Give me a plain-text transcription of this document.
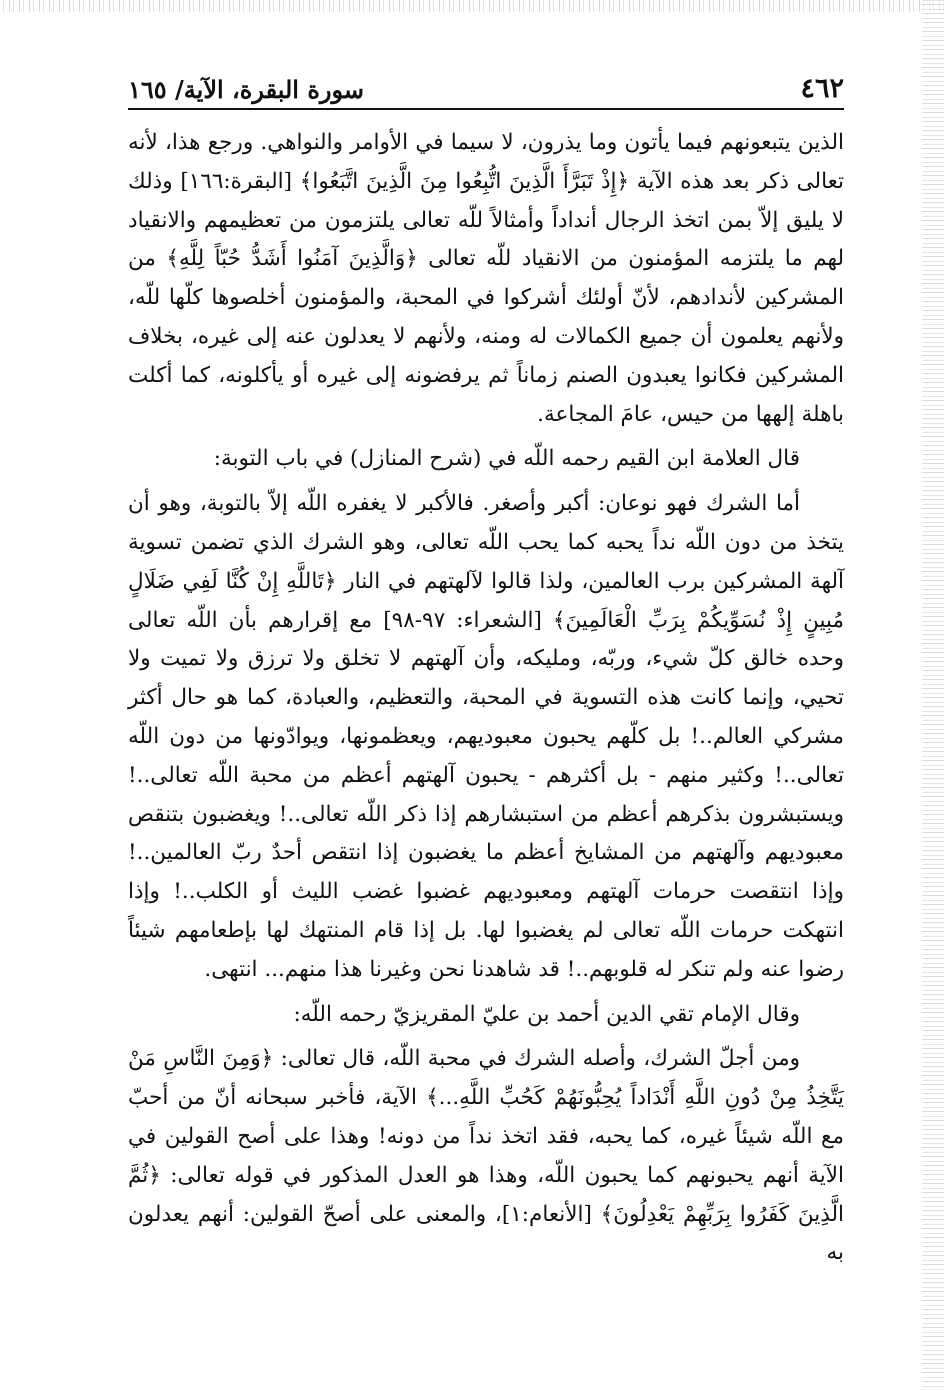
٤٦٢
سورة البقرة، الآية/ ١٦٥

الذين يتبعونهم فيما يأتون وما يذرون، لا سيما في الأوامر والنواهي. ورجع هذا، لأنه تعالى ذكر بعد هذه الآية ﴿إِذْ تَبَرَّأَ الَّذِينَ اتُّبِعُوا مِنَ الَّذِينَ اتَّبَعُوا﴾ [البقرة:١٦٦] وذلك لا يليق إلاّ بمن اتخذ الرجال أنداداً وأمثالاً للّه تعالى يلتزمون من تعظيمهم والانقياد لهم ما يلتزمه المؤمنون من الانقياد للّه تعالى ﴿وَالَّذِينَ آمَنُوا أَشَدُّ حُبّاً لِلَّهِ﴾ من المشركين لأندادهم، لأنّ أولئك أشركوا في المحبة، والمؤمنون أخلصوها كلّها للّه، ولأنهم يعلمون أن جميع الكمالات له ومنه، ولأنهم لا يعدلون عنه إلى غيره، بخلاف المشركين فكانوا يعبدون الصنم زماناً ثم يرفضونه إلى غيره أو يأكلونه، كما أكلت باهلة إلهها من حيس، عامَ المجاعة.

قال العلامة ابن القيم رحمه اللّه في (شرح المنازل) في باب التوبة:

أما الشرك فهو نوعان: أكبر وأصغر. فالأكبر لا يغفره اللّه إلاّ بالتوبة، وهو أن يتخذ من دون اللّه نداً يحبه كما يحب اللّه تعالى، وهو الشرك الذي تضمن تسوية آلهة المشركين برب العالمين، ولذا قالوا لآلهتهم في النار ﴿تَاللَّهِ إِنْ كُنَّا لَفِي ضَلَالٍ مُبِينٍ إِذْ نُسَوِّيكُمْ بِرَبِّ الْعَالَمِينَ﴾ [الشعراء: ٩٧-٩٨] مع إقرارهم بأن اللّه تعالى وحده خالق كلّ شيء، وربّه، ومليكه، وأن آلهتهم لا تخلق ولا ترزق ولا تميت ولا تحيي، وإنما كانت هذه التسوية في المحبة، والتعظيم، والعبادة، كما هو حال أكثر مشركي العالم..! بل كلّهم يحبون معبوديهم، ويعظمونها، ويوادّونها من دون اللّه تعالى..! وكثير منهم - بل أكثرهم - يحبون آلهتهم أعظم من محبة اللّه تعالى..! ويستبشرون بذكرهم أعظم من استبشارهم إذا ذكر اللّه تعالى..! ويغضبون بتنقص معبوديهم وآلهتهم من المشايخ أعظم ما يغضبون إذا انتقص أحدٌ ربّ العالمين..! وإذا انتقصت حرمات آلهتهم ومعبوديهم غضبوا غضب الليث أو الكلب..! وإذا انتهكت حرمات اللّه تعالى لم يغضبوا لها. بل إذا قام المنتهك لها بإطعامهم شيئاً رضوا عنه ولم تنكر له قلوبهم..! قد شاهدنا نحن وغيرنا هذا منهم... انتهى.

وقال الإمام تقي الدين أحمد بن عليّ المقريزيّ رحمه اللّه:

ومن أجلّ الشرك، وأصله الشرك في محبة اللّه، قال تعالى: ﴿وَمِنَ النَّاسِ مَنْ يَتَّخِذُ مِنْ دُونِ اللَّهِ أَنْدَاداً يُحِبُّونَهُمْ كَحُبِّ اللَّهِ...﴾ الآية، فأخبر سبحانه أنّ من أحبّ مع اللّه شيئاً غيره، كما يحبه، فقد اتخذ نداً من دونه! وهذا على أصح القولين في الآية أنهم يحبونهم كما يحبون اللّه، وهذا هو العدل المذكور في قوله تعالى: ﴿ثُمَّ الَّذِينَ كَفَرُوا بِرَبِّهِمْ يَعْدِلُونَ﴾ [الأنعام:١]، والمعنى على أصحّ القولين: أنهم يعدلون به
